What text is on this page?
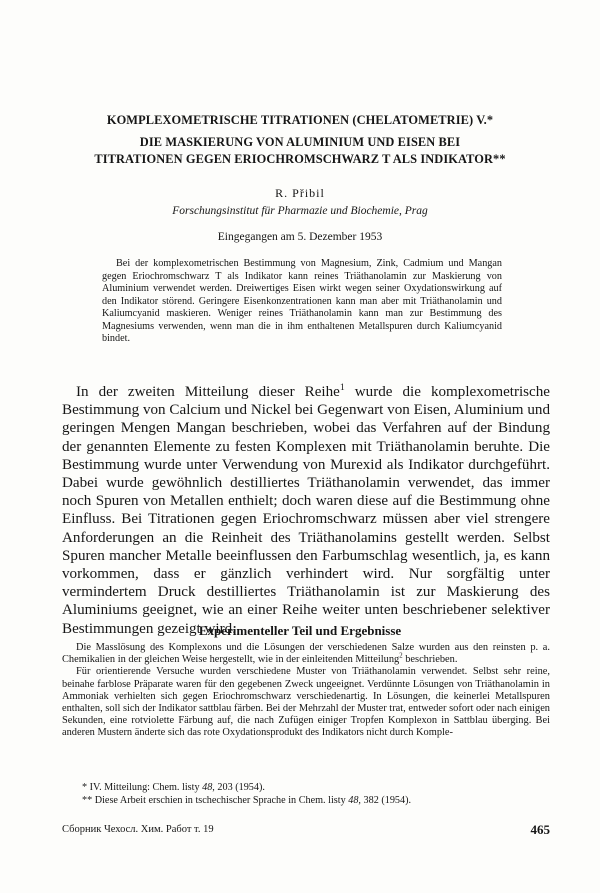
KOMPLEXOMETRISCHE TITRATIONEN (CHELATOMETRIE) V.*
DIE MASKIERUNG VON ALUMINIUM UND EISEN BEI
TITRATIONEN GEGEN ERIOCHROMSCHWARZ T ALS INDIKATOR**
R. Přibil
Forschungsinstitut für Pharmazie und Biochemie, Prag
Eingegangen am 5. Dezember 1953

Bei der komplexometrischen Bestimmung von Magnesium, Zink, Cadmium und Mangan gegen Eriochromschwarz T als Indikator kann reines Triäthanolamin zur Maskierung von Aluminium verwendet werden. Dreiwertiges Eisen wirkt wegen seiner Oxydationswirkung auf den Indikator störend. Geringere Eisenkonzentrationen kann man aber mit Triäthanolamin und Kaliumcyanid maskieren. Weniger reines Triäthanolamin kann man zur Bestimmung des Magnesiums verwenden, wenn man die in ihm enthaltenen Metallspuren durch Kaliumcyanid bindet.

In der zweiten Mitteilung dieser Reihe$^1$ wurde die komplexometrische Bestimmung von Calcium und Nickel bei Gegenwart von Eisen, Aluminium und geringen Mengen Mangan beschrieben, wobei das Verfahren auf der Bindung der genannten Elemente zu festen Komplexen mit Triäthanolamin beruhte. Die Bestimmung wurde unter Verwendung von Murexid als Indikator durchgeführt. Dabei wurde gewöhnlich destilliertes Triäthanolamin verwendet, das immer noch Spuren von Metallen enthielt; doch waren diese auf die Bestimmung ohne Einfluss. Bei Titrationen gegen Eriochromschwarz müssen aber viel strengere Anforderungen an die Reinheit des Triäthanolamins gestellt werden. Selbst Spuren mancher Metalle beeinflussen den Farbumschlag wesentlich, ja, es kann vorkommen, dass er gänzlich verhindert wird. Nur sorgfältig unter vermindertem Druck destilliertes Triäthanolamin ist zur Maskierung des Aluminiums geeignet, wie an einer Reihe weiter unten beschriebener selektiver Bestimmungen gezeigt wird.

Experimenteller Teil und Ergebnisse

Die Masslösung des Komplexons und die Lösungen der verschiedenen Salze wurden aus den reinsten p. a. Chemikalien in der gleichen Weise hergestellt, wie in der einleitenden Mitteilung$^2$ beschrieben.

Für orientierende Versuche wurden verschiedene Muster von Triäthanolamin verwendet. Selbst sehr reine, beinahe farblose Präparate waren für den gegebenen Zweck ungeeignet. Verdünnte Lösungen von Triäthanolamin in Ammoniak verhielten sich gegen Eriochromschwarz verschiedenartig. In Lösungen, die keinerlei Metallspuren enthalten, soll sich der Indikator sattblau färben. Bei der Mehrzahl der Muster trat, entweder sofort oder nach einigen Sekunden, eine rotviolette Färbung auf, die nach Zufügen einiger Tropfen Komplexon in Sattblau überging. Bei anderen Mustern änderte sich das rote Oxydationsprodukt des Indikators nicht durch Komple-

* IV. Mitteilung: Chem. listy 48, 203 (1954).
** Diese Arbeit erschien in tschechischer Sprache in Chem. listy 48, 382 (1954).
Сборник Чехосл. Хим. Работ т. 19	465
